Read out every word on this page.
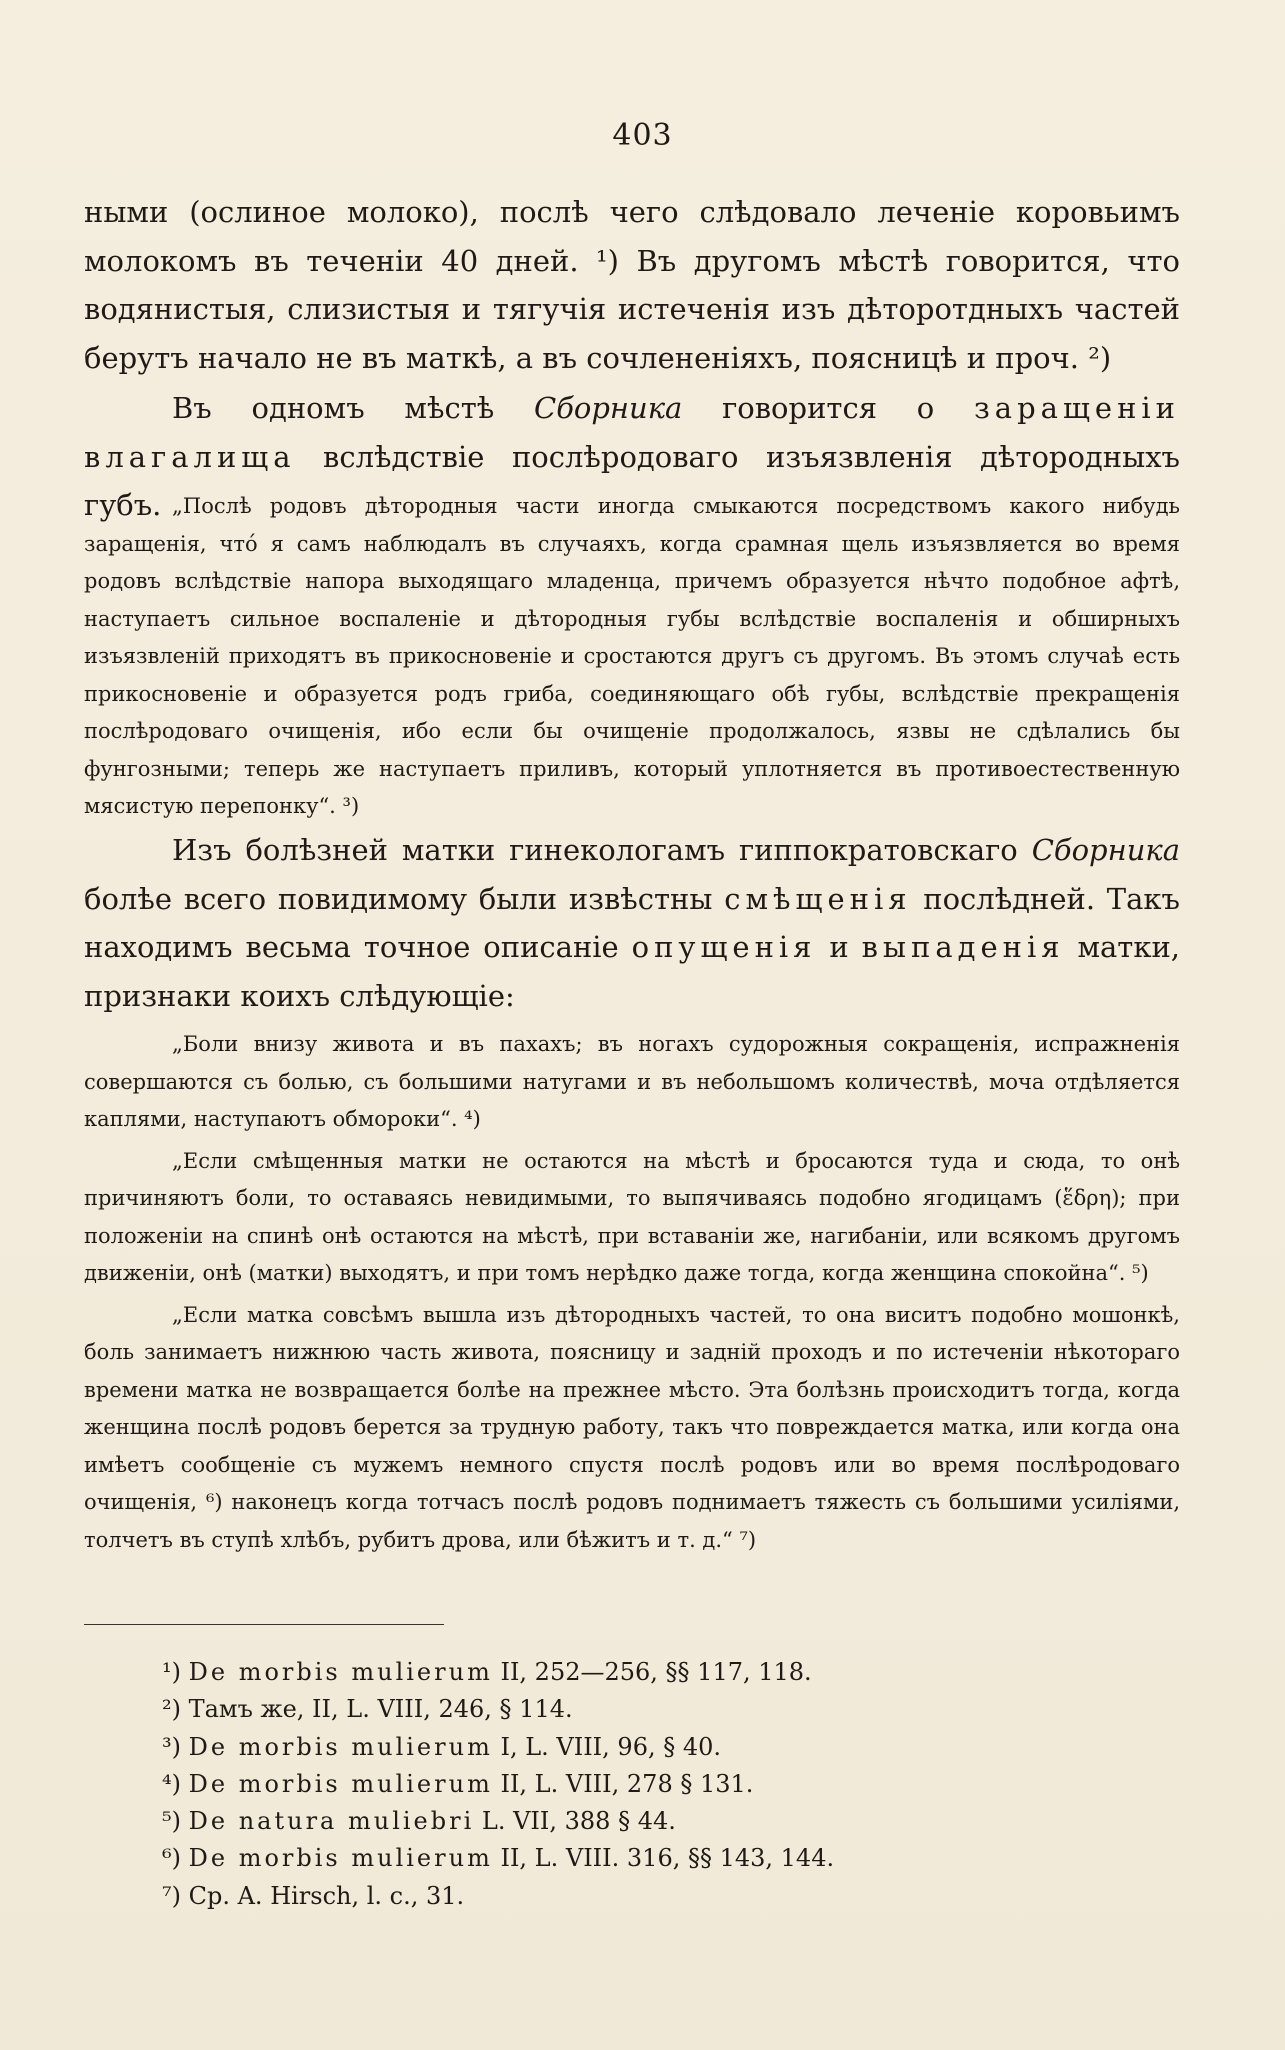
403

ными (ослиное молоко), послѣ чего слѣдовало леченіе коровьимъ молокомъ въ теченіи 40 дней. ¹) Въ другомъ мѣстѣ говорится, что водянистыя, слизистыя и тягучія истеченія изъ дѣторотдныхъ частей берутъ начало не въ маткѣ, а въ сочлененіяхъ, поясницѣ и проч. ²)

Въ одномъ мѣстѣ Сборника говорится о заращеніи влагалища вслѣдствіе послѣродоваго изъязвленія дѣтородныхъ губъ. „Послѣ родовъ дѣтородныя части иногда смыкаются посредствомъ какого нибудь заращенія, что́ я самъ наблюдалъ въ случаяхъ, когда срамная щель изъязвляется во время родовъ вслѣдствіе напора выходящаго младенца, причемъ образуется нѣчто подобное афтѣ, наступаетъ сильное воспаленіе и дѣтородныя губы вслѣдствіе воспаленія и обширныхъ изъязвленій приходятъ въ прикосновеніе и сростаются другъ съ другомъ. Въ этомъ случаѣ есть прикосновеніе и образуется родъ гриба, соединяющаго обѣ губы, вслѣдствіе прекращенія послѣродоваго очищенія, ибо если бы очищеніе продолжалось, язвы не сдѣлались бы фунгозными; теперь же наступаетъ приливъ, который уплотняется въ противоестественную мясистую перепонку“. ³)

Изъ болѣзней матки гинекологамъ гиппократовскаго Сборника болѣе всего повидимому были извѣстны смѣщенія послѣдней. Такъ находимъ весьма точное описаніе опущенія и выпаденія матки, признаки коихъ слѣдующіе:

„Боли внизу живота и въ пахахъ; въ ногахъ судорожныя сокращенія, испражненія совершаются съ болью, съ большими натугами и въ небольшомъ количествѣ, моча отдѣляется каплями, наступаютъ обмороки“. ⁴)

„Если смѣщенныя матки не остаются на мѣстѣ и бросаются туда и сюда, то онѣ причиняютъ боли, то оставаясь невидимыми, то выпячиваясь подобно ягодицамъ (ἕδρη); при положеніи на спинѣ онѣ остаются на мѣстѣ, при вставаніи же, нагибаніи, или всякомъ другомъ движеніи, онѣ (матки) выходятъ, и при томъ нерѣдко даже тогда, когда женщина спокойна“. ⁵)

„Если матка совсѣмъ вышла изъ дѣтородныхъ частей, то она виситъ подобно мошонкѣ, боль занимаетъ нижнюю часть живота, поясницу и задній проходъ и по истеченіи нѣкотораго времени матка не возвращается болѣе на прежнее мѣсто. Эта болѣзнь происходитъ тогда, когда женщина послѣ родовъ берется за трудную работу, такъ что повреждается матка, или когда она имѣетъ сообщеніе съ мужемъ немного спустя послѣ родовъ или во время послѣродоваго очищенія, ⁶) наконецъ когда тотчасъ послѣ родовъ поднимаетъ тяжесть съ большими усиліями, толчетъ въ ступѣ хлѣбъ, рубитъ дрова, или бѣжитъ и т. д.“ ⁷)

¹) De morbis mulierum II, 252—256, §§ 117, 118.
²) Тамъ же, II, L. VIII, 246, § 114.
³) De morbis mulierum I, L. VIII, 96, § 40.
⁴) De morbis mulierum II, L. VIII, 278 § 131.
⁵) De natura muliebri L. VII, 388 § 44.
⁶) De morbis mulierum II, L. VIII. 316, §§ 143, 144.
⁷) Ср. A. Hirsch, l. c., 31.
